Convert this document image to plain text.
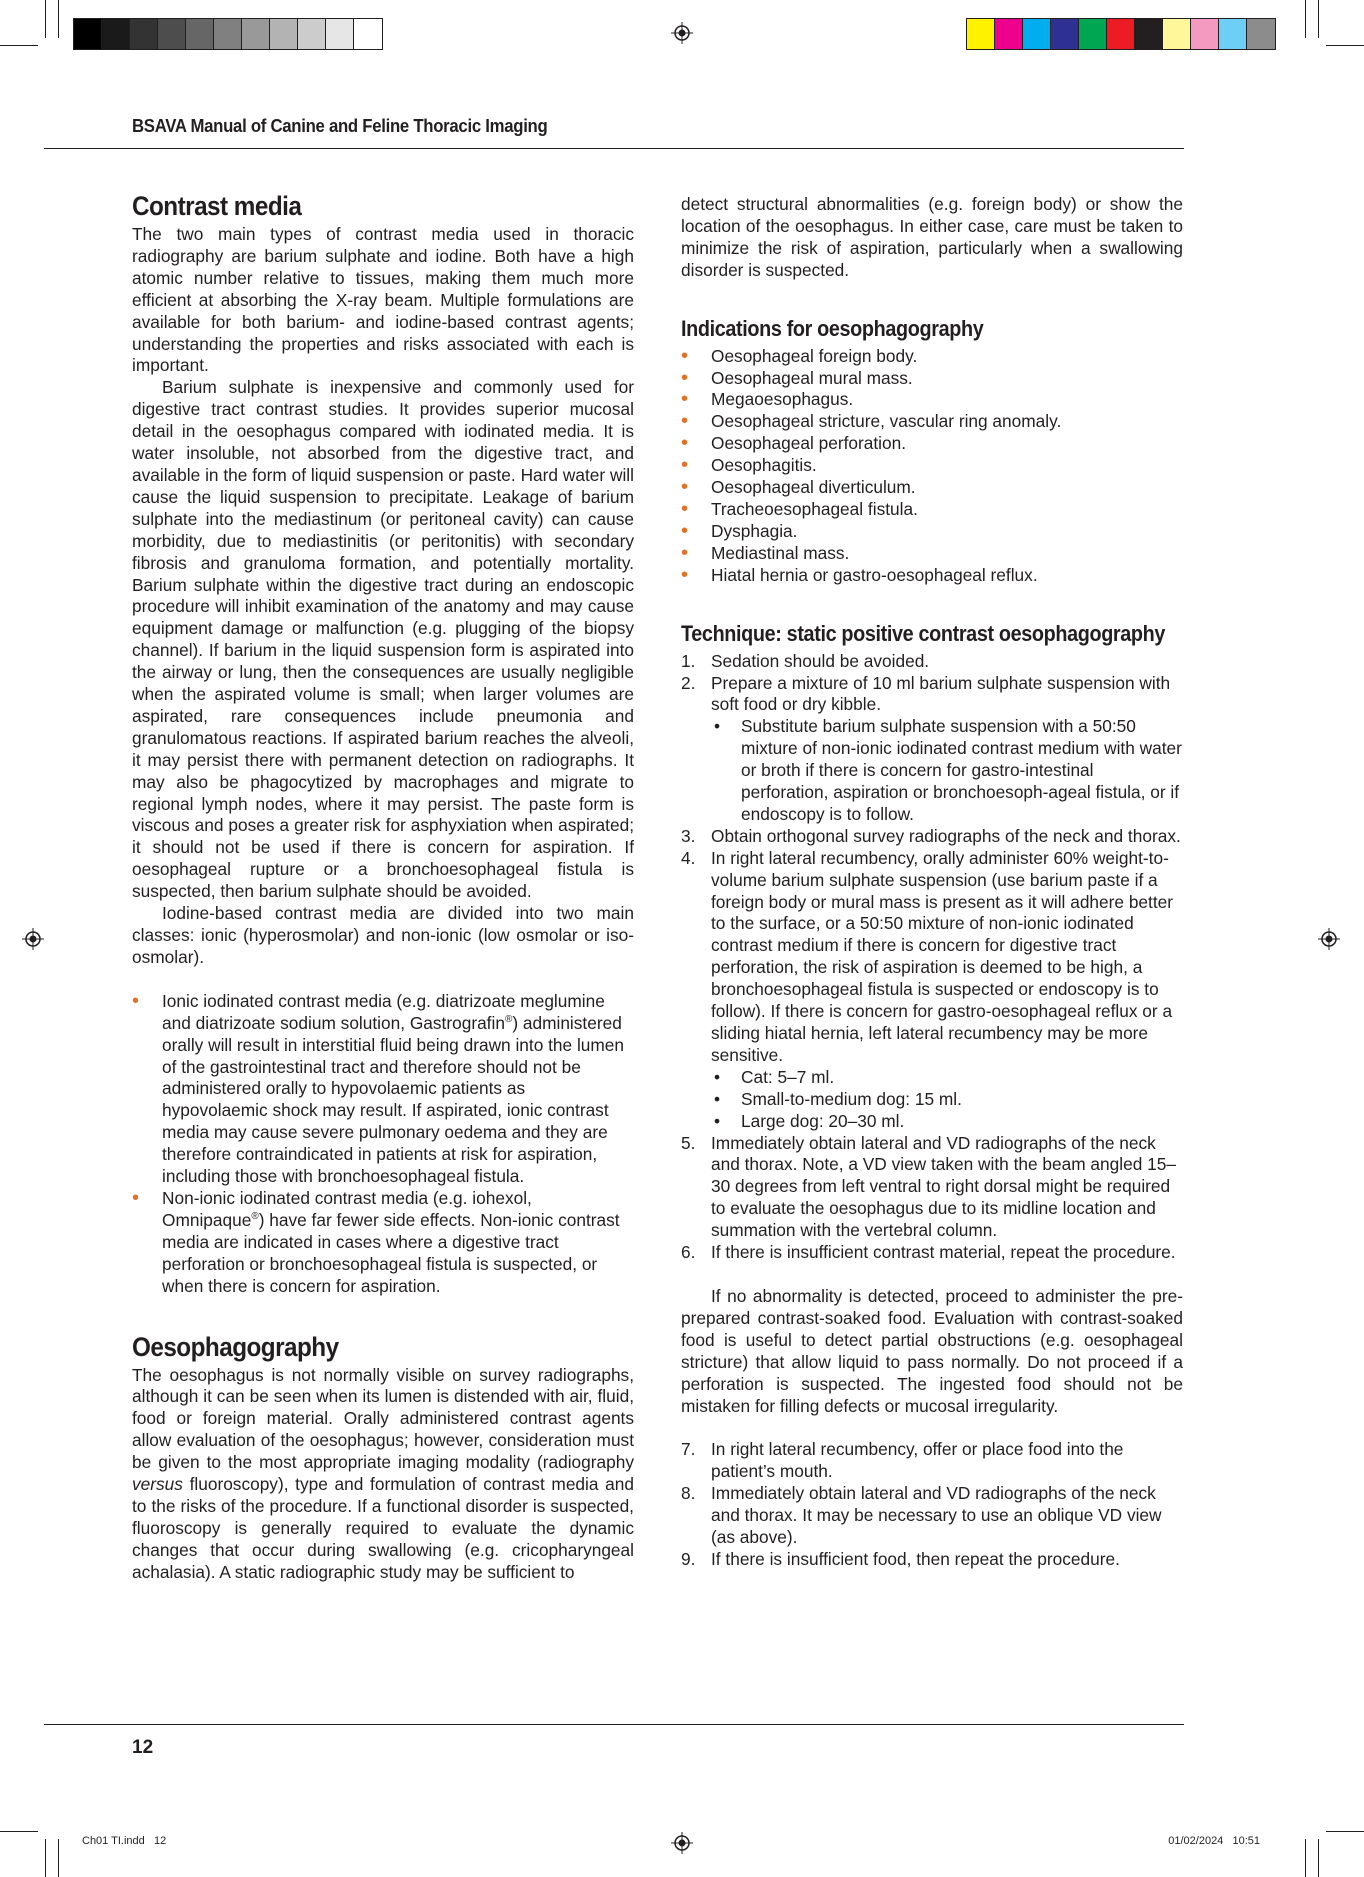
BSAVA Manual of Canine and Feline Thoracic Imaging
Contrast media

The two main types of contrast media used in thoracic radiography are barium sulphate and iodine. Both have a high atomic number relative to tissues, making them much more efficient at absorbing the X-ray beam. Multiple formulations are available for both barium- and iodine-based contrast agents; understanding the properties and risks associated with each is important.

Barium sulphate is inexpensive and commonly used for digestive tract contrast studies. It provides superior mucosal detail in the oesophagus compared with iodinated media. It is water insoluble, not absorbed from the digestive tract, and available in the form of liquid suspension or paste. Hard water will cause the liquid suspension to precipitate. Leakage of barium sulphate into the mediastinum (or peritoneal cavity) can cause morbidity, due to mediastinitis (or peritonitis) with secondary fibrosis and granuloma formation, and potentially mortality. Barium sulphate within the digestive tract during an endoscopic procedure will inhibit examination of the anatomy and may cause equipment damage or malfunction (e.g. plugging of the biopsy channel). If barium in the liquid suspension form is aspirated into the airway or lung, then the consequences are usually negligible when the aspirated volume is small; when larger volumes are aspirated, rare consequences include pneumonia and granulomatous reactions. If aspirated barium reaches the alveoli, it may persist there with permanent detection on radiographs. It may also be phagocytized by macrophages and migrate to regional lymph nodes, where it may persist. The paste form is viscous and poses a greater risk for asphyxiation when aspirated; it should not be used if there is concern for aspiration. If oesophageal rupture or a bronchoesophageal fistula is suspected, then barium sulphate should be avoided.

Iodine-based contrast media are divided into two main classes: ionic (hyperosmolar) and non-ionic (low osmolar or iso-osmolar).

• Ionic iodinated contrast media (e.g. diatrizoate meglumine and diatrizoate sodium solution, Gastrografin®) administered orally will result in interstitial fluid being drawn into the lumen of the gastrointestinal tract and therefore should not be administered orally to hypovolaemic patients as hypovolaemic shock may result. If aspirated, ionic contrast media may cause severe pulmonary oedema and they are therefore contraindicated in patients at risk for aspiration, including those with bronchoesophageal fistula.
• Non-ionic iodinated contrast media (e.g. iohexol, Omnipaque®) have far fewer side effects. Non-ionic contrast media are indicated in cases where a digestive tract perforation or bronchoesophageal fistula is suspected, or when there is concern for aspiration.
Oesophagography

The oesophagus is not normally visible on survey radiographs, although it can be seen when its lumen is distended with air, fluid, food or foreign material. Orally administered contrast agents allow evaluation of the oesophagus; however, consideration must be given to the most appropriate imaging modality (radiography versus fluoroscopy), type and formulation of contrast media and to the risks of the procedure. If a functional disorder is suspected, fluoroscopy is generally required to evaluate the dynamic changes that occur during swallowing (e.g. cricopharyngeal achalasia). A static radiographic study may be sufficient to

detect structural abnormalities (e.g. foreign body) or show the location of the oesophagus. In either case, care must be taken to minimize the risk of aspiration, particularly when a swallowing disorder is suspected.

Indications for oesophagography
• Oesophageal foreign body.
• Oesophageal mural mass.
• Megaoesophagus.
• Oesophageal stricture, vascular ring anomaly.
• Oesophageal perforation.
• Oesophagitis.
• Oesophageal diverticulum.
• Tracheoesophageal fistula.
• Dysphagia.
• Mediastinal mass.
• Hiatal hernia or gastro-oesophageal reflux.
Technique: static positive contrast oesophagography
1. Sedation should be avoided.
2. Prepare a mixture of 10 ml barium sulphate suspension with soft food or dry kibble.
• Substitute barium sulphate suspension with a 50:50 mixture of non-ionic iodinated contrast medium with water or broth if there is concern for gastro-intestinal perforation, aspiration or bronchoesoph-ageal fistula, or if endoscopy is to follow.
3. Obtain orthogonal survey radiographs of the neck and thorax.
4. In right lateral recumbency, orally administer 60% weight-to-volume barium sulphate suspension (use barium paste if a foreign body or mural mass is present as it will adhere better to the surface, or a 50:50 mixture of non-ionic iodinated contrast medium if there is concern for digestive tract perforation, the risk of aspiration is deemed to be high, a bronchoesophageal fistula is suspected or endoscopy is to follow). If there is concern for gastro-oesophageal reflux or a sliding hiatal hernia, left lateral recumbency may be more sensitive.
• Cat: 5–7 ml.
• Small-to-medium dog: 15 ml.
• Large dog: 20–30 ml.
5. Immediately obtain lateral and VD radiographs of the neck and thorax. Note, a VD view taken with the beam angled 15–30 degrees from left ventral to right dorsal might be required to evaluate the oesophagus due to its midline location and summation with the vertebral column.
6. If there is insufficient contrast material, repeat the procedure.

If no abnormality is detected, proceed to administer the pre-prepared contrast-soaked food. Evaluation with contrast-soaked food is useful to detect partial obstructions (e.g. oesophageal stricture) that allow liquid to pass normally. Do not proceed if a perforation is suspected. The ingested food should not be mistaken for filling defects or mucosal irregularity.

7. In right lateral recumbency, offer or place food into the patient’s mouth.
8. Immediately obtain lateral and VD radiographs of the neck and thorax. It may be necessary to use an oblique VD view (as above).
9. If there is insufficient food, then repeat the procedure.
12
Ch01 TI.indd   12	01/02/2024   10:51
